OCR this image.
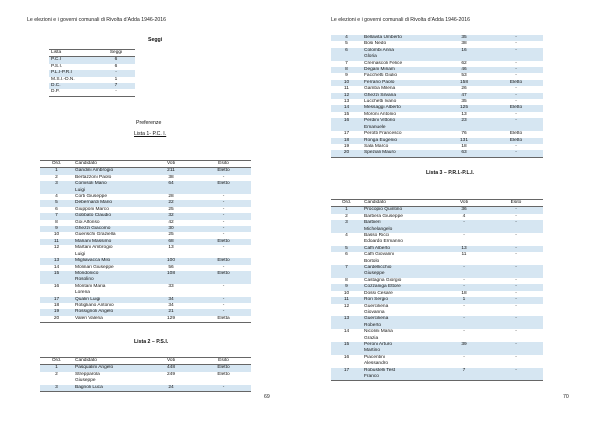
Le elezioni e i governi comunali di Rivolta d’Adda 1946-2016
Seggi
Lista	Seggi
P.C.I	6
P.S.I.	6
P.L.I-P.R.I	-
M.S.I.-D.N.	1
D.C.	7
D.P.	-
Preferenze
Lista 1- P.C. I.
Ord.	Candidato	Voti	Esito
1	Gandini Ambrogio	211	Eletto
2	Bertazzoni Paolo	38	-
3	Comisoli Mario
Luigi	64	Eletto
4	Corti Giuseppe	28	-
5	Debernardi Mario	22	-
6	Giupponi Marco	25	-
7	Gobbato Claudio	32	-
8	Goi Alfonso	42	-
9	Ghezzi Giacomo	30	-
10	Guerischi Graziella	25	-
11	Mariani Massimo	68	Eletto
12	Martani Ambrogio
Luigi	13	-
13	Migliavacca Milo	100	Eletto
14	Molinari Giuseppe	56	-
15	Mondonico
Rosolino	108	Eletto
16	Montani Maria
Lorena	33	-
17	Qualiri Luigi	34	-
18	Rotigliano Antonio	34	-
19	Rossignoli Angelo	21	-
20	Valeri Valeria	129	Eletta
Lista 2 – P.S.I.
Ord.	Candidato	Voti	Esito
1	Pasqualini Angelo	448	Eletto
2	Strepparola
Giuseppe	249	Eletto
3	Bagnoli Luca	24	-
69
Le elezioni e i governi comunali di Rivolta d’Adda 1946-2016
4	Bellavita Umberto	35	-
5	Bosi Nedo	38	-
6	Colombi Anna
Gloria	16	-
7	Cremascoli Felice	62	-
8	Degani Miriam	46	-
9	Facchetti Giulio	53	-
10	Ferrario Paolo	158	Eletto
11	Gamba Milena	26	-
12	Ghezzi Silvana	47	-
13	Lucchetti Ivano	35	-
14	Messaggi Alberto	125	Eletto
15	Moroni Antonio	13	-
16	Perdini Vittorio
Emanuele	23	-
17	Perotti Francesco	76	Eletto
18	Ronga Eugenio	131	Eletto
19	Sala Marco	18	-
20	Speziali Mauro	63	-
Lista 3 – P.R.I.-P.L.I.
Ord.	Candidato	Voti	Esito
1	Procopio Quintino	36	-
2	Barbera Giuseppe	4	-
3	Barbieri
Michelangelo	-	-
4	Basso Ricci
Edoardo Ermanno	-	-
5	Caffi Alberto	13	-
6	Caffi Giovanni
Bortolo	11	-
7	Cardellicchio
Giuseppe	-	-
8	Castagna Giorgio	-	-
9	Cozzaniga Ettore	-	-
10	Dossi Cesare	18	-
11	Rori Sergio	1	-
12	Guerciliena
Giovanna	-	-
13	Guerciliena
Roberto	-	-
14	Nicolini Maria
Grazia	-	-
15	Peroni Arturo
Martino	39	-
16	Piacentini
Alessandro	-	-
17	Robustelli Test
Franco	7	-
70
